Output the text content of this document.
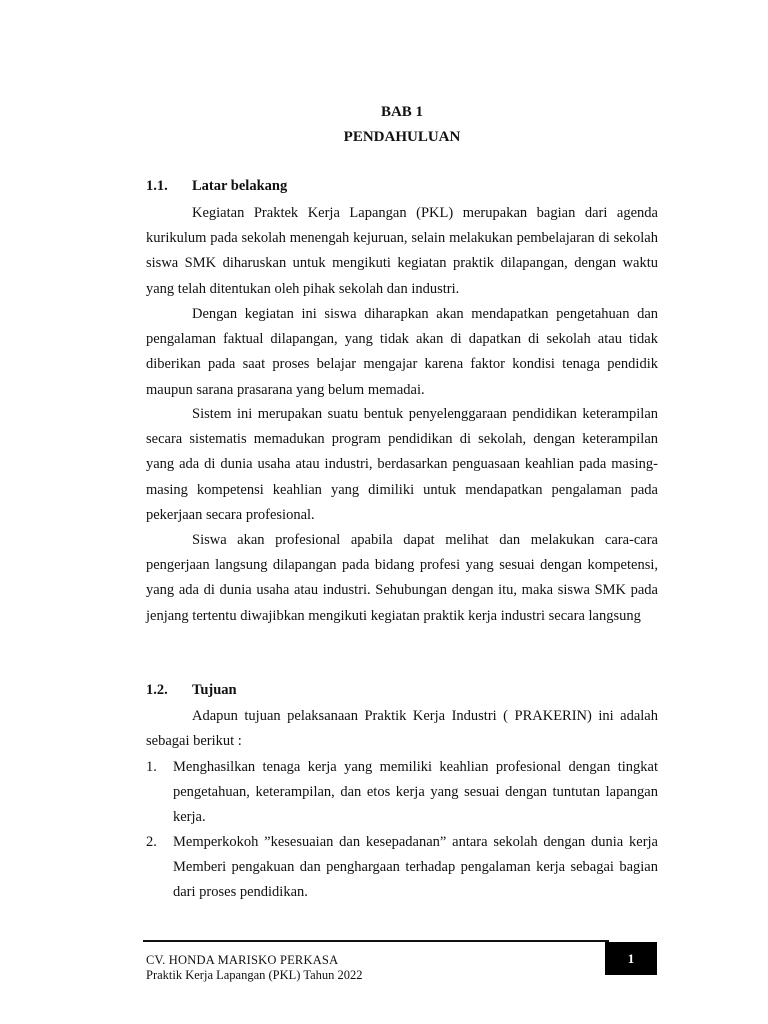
BAB 1
PENDAHULUAN
1.1. Latar belakang

Kegiatan Praktek Kerja Lapangan (PKL) merupakan bagian dari agenda kurikulum pada sekolah menengah kejuruan, selain melakukan pembelajaran di sekolah siswa SMK diharuskan untuk mengikuti kegiatan praktik dilapangan, dengan waktu yang telah ditentukan oleh pihak sekolah dan industri.

Dengan kegiatan ini siswa diharapkan akan mendapatkan pengetahuan dan pengalaman faktual dilapangan, yang tidak akan di dapatkan di sekolah atau tidak diberikan pada saat proses belajar mengajar karena faktor kondisi tenaga pendidik maupun sarana prasarana yang belum memadai.

Sistem ini merupakan suatu bentuk penyelenggaraan pendidikan keterampilan secara sistematis memadukan program pendidikan di sekolah, dengan keterampilan yang ada di dunia usaha atau industri, berdasarkan penguasaan keahlian pada masing-masing kompetensi keahlian yang dimiliki untuk mendapatkan pengalaman pada pekerjaan secara profesional.

Siswa akan profesional apabila dapat melihat dan melakukan cara-cara pengerjaan langsung dilapangan pada bidang profesi yang sesuai dengan kompetensi, yang ada di dunia usaha atau industri. Sehubungan dengan itu, maka siswa SMK pada jenjang tertentu diwajibkan mengikuti kegiatan praktik kerja industri secara langsung

1.2. Tujuan

Adapun tujuan pelaksanaan Praktik Kerja Industri ( PRAKERIN) ini adalah sebagai berikut :

1. Menghasilkan tenaga kerja yang memiliki keahlian profesional dengan tingkat pengetahuan, keterampilan, dan etos kerja yang sesuai dengan tuntutan lapangan kerja.
2. Memperkokoh ”kesesuaian dan kesepadanan” antara sekolah dengan dunia kerja Memberi pengakuan dan penghargaan terhadap pengalaman kerja sebagai bagian dari proses pendidikan.
CV. HONDA MARISKO PERKASA
Praktik Kerja Lapangan (PKL) Tahun 2022
1
